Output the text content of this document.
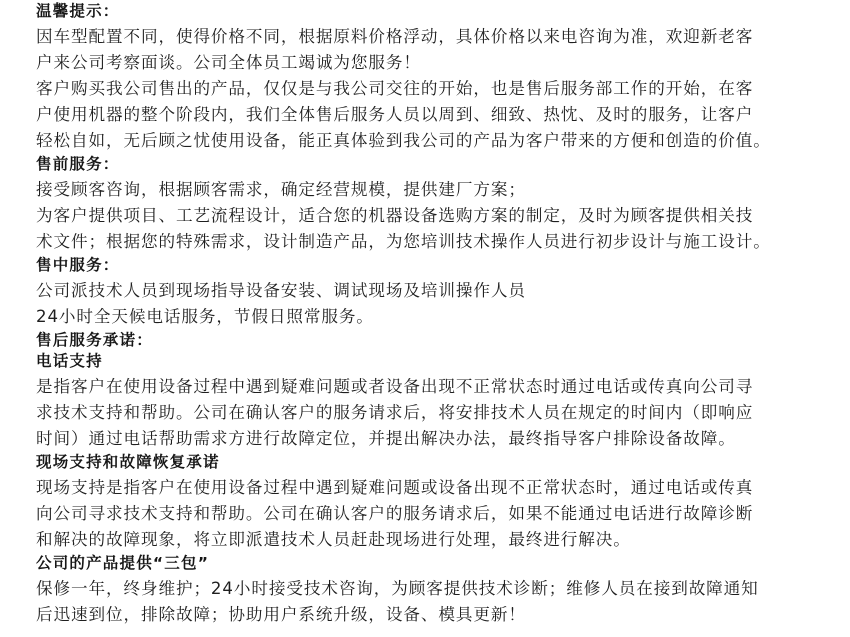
温馨提示：
因车型配置不同，使得价格不同，根据原料价格浮动，具体价格以来电咨询为准，欢迎新老客
户来公司考察面谈。公司全体员工竭诚为您服务！
客户购买我公司售出的产品，仅仅是与我公司交往的开始，也是售后服务部工作的开始，在客
户使用机器的整个阶段内，我们全体售后服务人员以周到、细致、热忱、及时的服务，让客户
轻松自如，无后顾之忧使用设备，能正真体验到我公司的产品为客户带来的方便和创造的价值。
售前服务：
接受顾客咨询，根据顾客需求，确定经营规模，提供建厂方案；
为客户提供项目、工艺流程设计，适合您的机器设备选购方案的制定，及时为顾客提供相关技
术文件；根据您的特殊需求，设计制造产品，为您培训技术操作人员进行初步设计与施工设计。
售中服务：
公司派技术人员到现场指导设备安装、调试现场及培训操作人员
24小时全天候电话服务，节假日照常服务。
售后服务承诺：
电话支持
是指客户在使用设备过程中遇到疑难问题或者设备出现不正常状态时通过电话或传真向公司寻
求技术支持和帮助。公司在确认客户的服务请求后，将安排技术人员在规定的时间内（即响应
时间）通过电话帮助需求方进行故障定位，并提出解决办法，最终指导客户排除设备故障。
现场支持和故障恢复承诺
现场支持是指客户在使用设备过程中遇到疑难问题或设备出现不正常状态时，通过电话或传真
向公司寻求技术支持和帮助。公司在确认客户的服务请求后，如果不能通过电话进行故障诊断
和解决的故障现象，将立即派遣技术人员赶赴现场进行处理，最终进行解决。
公司的产品提供“三包”
保修一年，终身维护；24小时接受技术咨询，为顾客提供技术诊断；维修人员在接到故障通知
后迅速到位，排除故障；协助用户系统升级，设备、模具更新！
